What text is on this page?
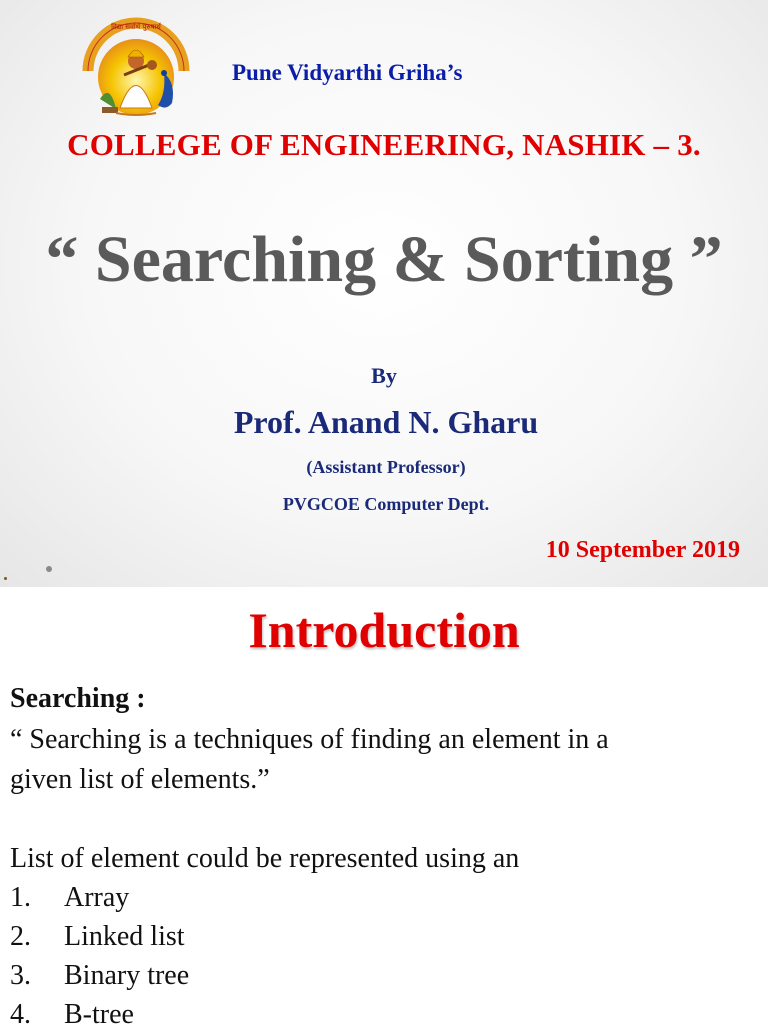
विद्या सर्वार्थ पुरुषार्थ

Pune Vidyarthi Griha’s

COLLEGE OF ENGINEERING, NASHIK – 3.

“ Searching & Sorting ”

By

Prof. Anand N. Gharu

(Assistant Professor)

PVGCOE Computer Dept.

10 September 2019

Introduction

Searching :

“ Searching is a techniques of finding an element in a

given list of elements.”

List of element could be represented using an

1. Array

2. Linked list

3. Binary tree

4. B-tree
